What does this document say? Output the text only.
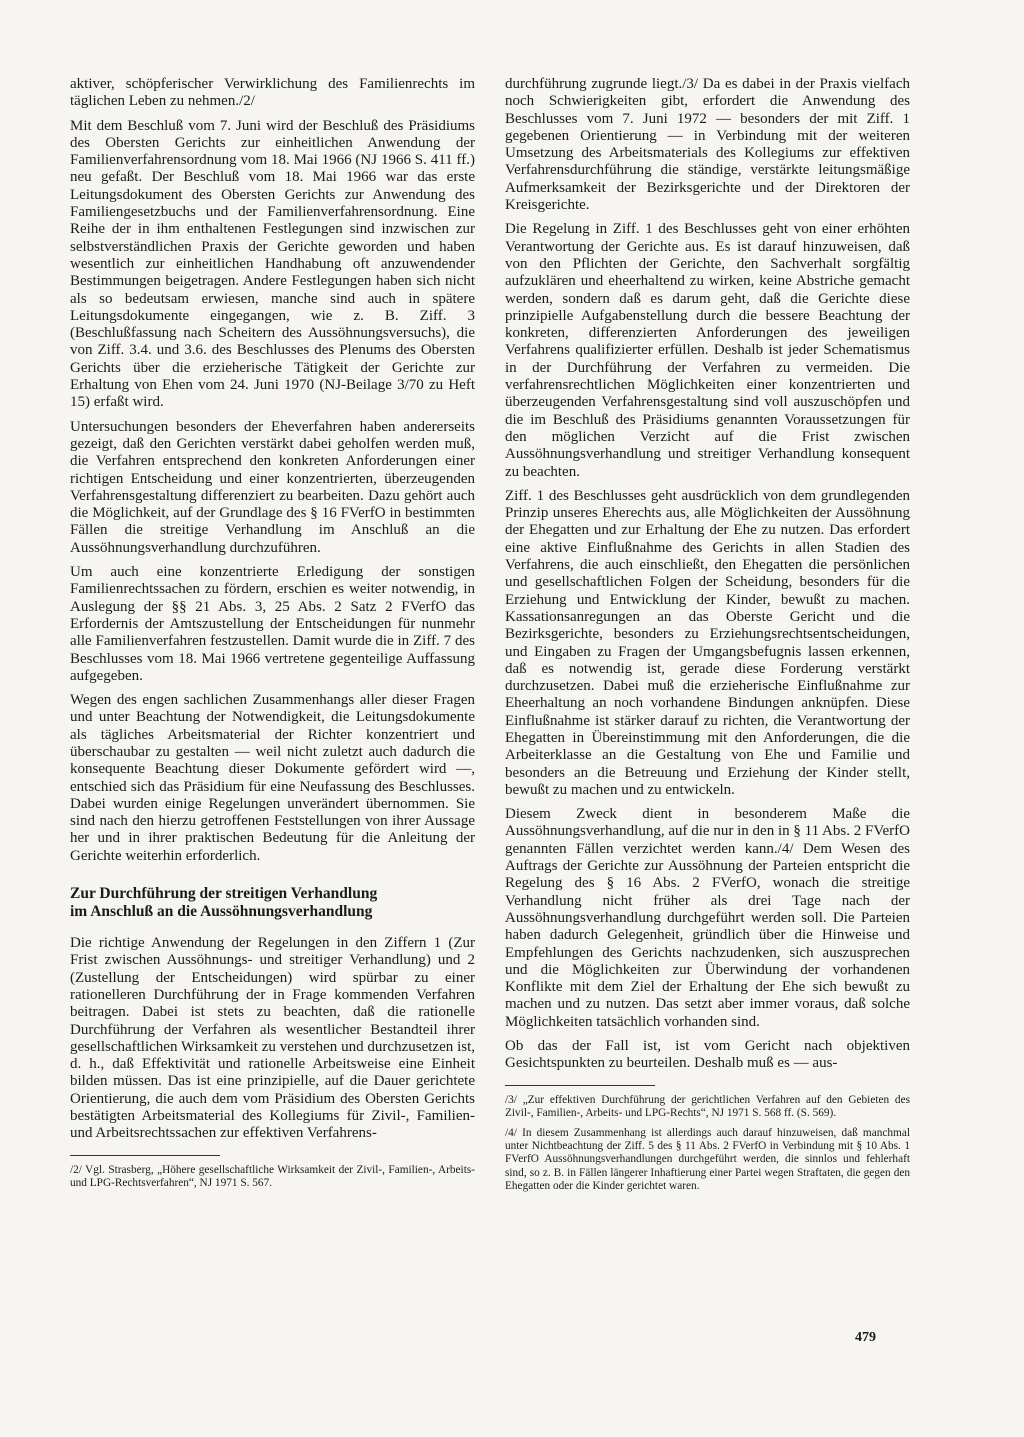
aktiver, schöpferischer Verwirklichung des Familienrechts im täglichen Leben zu nehmen./2/

Mit dem Beschluß vom 7. Juni wird der Beschluß des Präsidiums des Obersten Gerichts zur einheitlichen Anwendung der Familienverfahrensordnung vom 18. Mai 1966 (NJ 1966 S. 411 ff.) neu gefaßt. Der Beschluß vom 18. Mai 1966 war das erste Leitungsdokument des Obersten Gerichts zur Anwendung des Familiengesetzbuchs und der Familienverfahrensordnung. Eine Reihe der in ihm enthaltenen Festlegungen sind inzwischen zur selbstverständlichen Praxis der Gerichte geworden und haben wesentlich zur einheitlichen Handhabung oft anzuwendender Bestimmungen beigetragen. Andere Festlegungen haben sich nicht als so bedeutsam erwiesen, manche sind auch in spätere Leitungsdokumente eingegangen, wie z. B. Ziff. 3 (Beschlußfassung nach Scheitern des Aussöhnungsversuchs), die von Ziff. 3.4. und 3.6. des Beschlusses des Plenums des Obersten Gerichts über die erzieherische Tätigkeit der Gerichte zur Erhaltung von Ehen vom 24. Juni 1970 (NJ-Beilage 3/70 zu Heft 15) erfaßt wird.

Untersuchungen besonders der Eheverfahren haben andererseits gezeigt, daß den Gerichten verstärkt dabei geholfen werden muß, die Verfahren entsprechend den konkreten Anforderungen einer richtigen Entscheidung und einer konzentrierten, überzeugenden Verfahrensgestaltung differenziert zu bearbeiten. Dazu gehört auch die Möglichkeit, auf der Grundlage des § 16 FVerfO in bestimmten Fällen die streitige Verhandlung im Anschluß an die Aussöhnungsverhandlung durchzuführen.

Um auch eine konzentrierte Erledigung der sonstigen Familienrechtssachen zu fördern, erschien es weiter notwendig, in Auslegung der §§ 21 Abs. 3, 25 Abs. 2 Satz 2 FVerfO das Erfordernis der Amtszustellung der Entscheidungen für nunmehr alle Familienverfahren festzustellen. Damit wurde die in Ziff. 7 des Beschlusses vom 18. Mai 1966 vertretene gegenteilige Auffassung aufgegeben.

Wegen des engen sachlichen Zusammenhangs aller dieser Fragen und unter Beachtung der Notwendigkeit, die Leitungsdokumente als tägliches Arbeitsmaterial der Richter konzentriert und überschaubar zu gestalten — weil nicht zuletzt auch dadurch die konsequente Beachtung dieser Dokumente gefördert wird —, entschied sich das Präsidium für eine Neufassung des Beschlusses. Dabei wurden einige Regelungen unverändert übernommen. Sie sind nach den hierzu getroffenen Feststellungen von ihrer Aussage her und in ihrer praktischen Bedeutung für die Anleitung der Gerichte weiterhin erforderlich.

Zur Durchführung der streitigen Verhandlung
im Anschluß an die Aussöhnungsverhandlung

Die richtige Anwendung der Regelungen in den Ziffern 1 (Zur Frist zwischen Aussöhnungs- und streitiger Verhandlung) und 2 (Zustellung der Entscheidungen) wird spürbar zu einer rationelleren Durchführung der in Frage kommenden Verfahren beitragen. Dabei ist stets zu beachten, daß die rationelle Durchführung der Verfahren als wesentlicher Bestandteil ihrer gesellschaftlichen Wirksamkeit zu verstehen und durchzusetzen ist, d. h., daß Effektivität und rationelle Arbeitsweise eine Einheit bilden müssen. Das ist eine prinzipielle, auf die Dauer gerichtete Orientierung, die auch dem vom Präsidium des Obersten Gerichts bestätigten Arbeitsmaterial des Kollegiums für Zivil-, Familien- und Arbeitsrechtssachen zur effektiven Verfahrens-

/2/ Vgl. Strasberg, „Höhere gesellschaftliche Wirksamkeit der Zivil-, Familien-, Arbeits- und LPG-Rechtsverfahren“, NJ 1971 S. 567.

durchführung zugrunde liegt./3/ Da es dabei in der Praxis vielfach noch Schwierigkeiten gibt, erfordert die Anwendung des Beschlusses vom 7. Juni 1972 — besonders der mit Ziff. 1 gegebenen Orientierung — in Verbindung mit der weiteren Umsetzung des Arbeitsmaterials des Kollegiums zur effektiven Verfahrensdurchführung die ständige, verstärkte leitungsmäßige Aufmerksamkeit der Bezirksgerichte und der Direktoren der Kreisgerichte.

Die Regelung in Ziff. 1 des Beschlusses geht von einer erhöhten Verantwortung der Gerichte aus. Es ist darauf hinzuweisen, daß von den Pflichten der Gerichte, den Sachverhalt sorgfältig aufzuklären und eheerhaltend zu wirken, keine Abstriche gemacht werden, sondern daß es darum geht, daß die Gerichte diese prinzipielle Aufgabenstellung durch die bessere Beachtung der konkreten, differenzierten Anforderungen des jeweiligen Verfahrens qualifizierter erfüllen. Deshalb ist jeder Schematismus in der Durchführung der Verfahren zu vermeiden. Die verfahrensrechtlichen Möglichkeiten einer konzentrierten und überzeugenden Verfahrensgestaltung sind voll auszuschöpfen und die im Beschluß des Präsidiums genannten Voraussetzungen für den möglichen Verzicht auf die Frist zwischen Aussöhnungsverhandlung und streitiger Verhandlung konsequent zu beachten.

Ziff. 1 des Beschlusses geht ausdrücklich von dem grundlegenden Prinzip unseres Eherechts aus, alle Möglichkeiten der Aussöhnung der Ehegatten und zur Erhaltung der Ehe zu nutzen. Das erfordert eine aktive Einflußnahme des Gerichts in allen Stadien des Verfahrens, die auch einschließt, den Ehegatten die persönlichen und gesellschaftlichen Folgen der Scheidung, besonders für die Erziehung und Entwicklung der Kinder, bewußt zu machen. Kassationsanregungen an das Oberste Gericht und die Bezirksgerichte, besonders zu Erziehungsrechtsentscheidungen, und Eingaben zu Fragen der Umgangsbefugnis lassen erkennen, daß es notwendig ist, gerade diese Forderung verstärkt durchzusetzen. Dabei muß die erzieherische Einflußnahme zur Eheerhaltung an noch vorhandene Bindungen anknüpfen. Diese Einflußnahme ist stärker darauf zu richten, die Verantwortung der Ehegatten in Übereinstimmung mit den Anforderungen, die die Arbeiterklasse an die Gestaltung von Ehe und Familie und besonders an die Betreuung und Erziehung der Kinder stellt, bewußt zu machen und zu entwickeln.

Diesem Zweck dient in besonderem Maße die Aussöhnungsverhandlung, auf die nur in den in § 11 Abs. 2 FVerfO genannten Fällen verzichtet werden kann./4/ Dem Wesen des Auftrags der Gerichte zur Aussöhnung der Parteien entspricht die Regelung des § 16 Abs. 2 FVerfO, wonach die streitige Verhandlung nicht früher als drei Tage nach der Aussöhnungsverhandlung durchgeführt werden soll. Die Parteien haben dadurch Gelegenheit, gründlich über die Hinweise und Empfehlungen des Gerichts nachzudenken, sich auszusprechen und die Möglichkeiten zur Überwindung der vorhandenen Konflikte mit dem Ziel der Erhaltung der Ehe sich bewußt zu machen und zu nutzen. Das setzt aber immer voraus, daß solche Möglichkeiten tatsächlich vorhanden sind.

Ob das der Fall ist, ist vom Gericht nach objektiven Gesichtspunkten zu beurteilen. Deshalb muß es — aus-

/3/ „Zur effektiven Durchführung der gerichtlichen Verfahren auf den Gebieten des Zivil-, Familien-, Arbeits- und LPG-Rechts“, NJ 1971 S. 568 ff. (S. 569).

/4/ In diesem Zusammenhang ist allerdings auch darauf hinzuweisen, daß manchmal unter Nichtbeachtung der Ziff. 5 des § 11 Abs. 2 FVerfO in Verbindung mit § 10 Abs. 1 FVerfO Aussöhnungsverhandlungen durchgeführt werden, die sinnlos und fehlerhaft sind, so z. B. in Fällen längerer Inhaftierung einer Partei wegen Straftaten, die gegen den Ehegatten oder die Kinder gerichtet waren.

479
